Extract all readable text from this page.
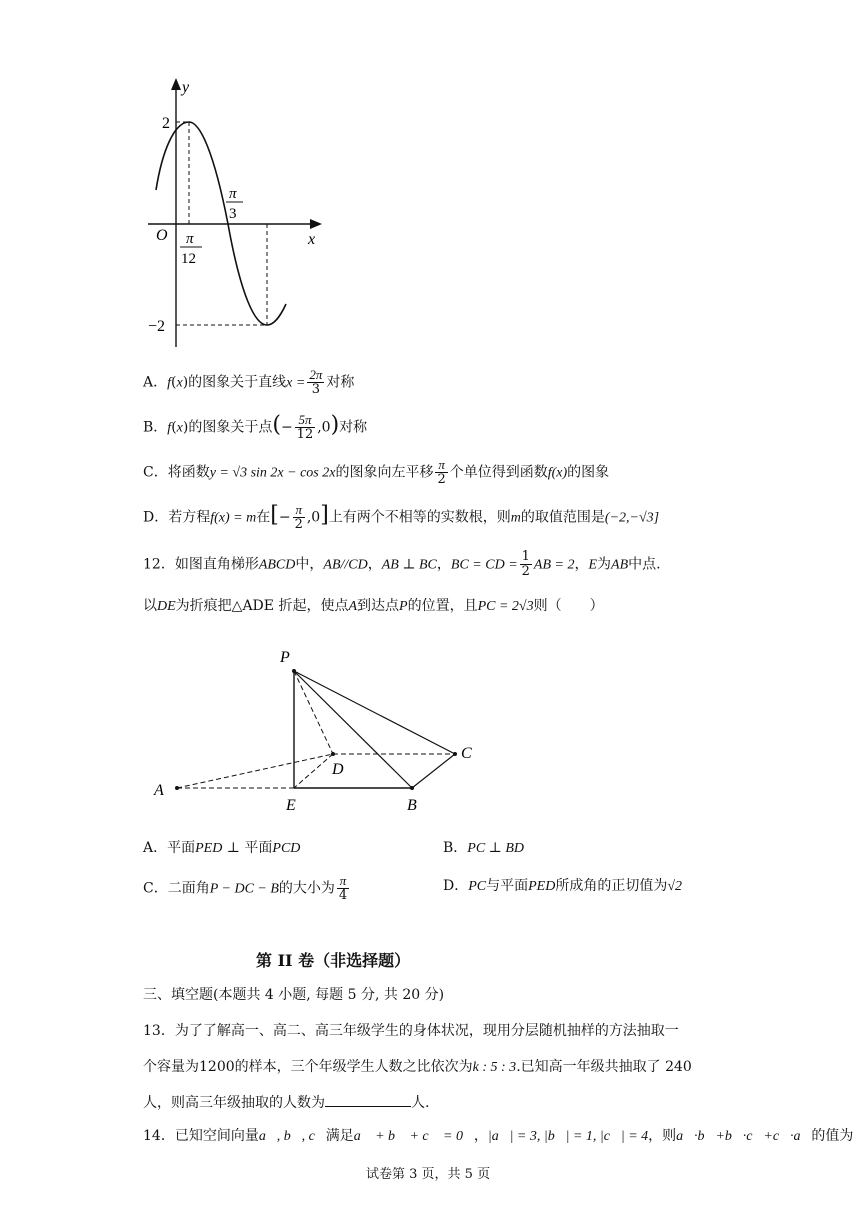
y
x
O
2
−2
π
3
π
12
A．f(x)的图象关于直线$x = \frac{2\pi}{3}$ 对称
B．f(x)的图象关于点(− $\frac{5\pi}{12} ,0$)对称
C．将函数y = √3 sin 2x − cos 2x的图象向左平移 $\frac{\pi}{2}$ 个单位得到函数f(x)的图象
D．若方程f(x) = m在[− $\frac{\pi}{2} ,0$]上有两个不相等的实数根，则m的取值范围是(−2,−√3]
12．如图直角梯形ABCD中，AB//CD，AB ⊥ BC，BC = CD = $\frac{1}{2}$ AB = 2，E为AB中点.
以DE为折痕把△ADE 折起，使点A到达点P的位置，且PC = 2√3则（　　）
P
A
D
C
E	B
A．平面PED ⊥ 平面PCD	B．PC ⊥ BD
C．二面角P − DC − B的大小为 $\frac{\pi}{4}$	D．PC与平面PED所成角的正切值为√2
第 II 卷（非选择题）
三、填空题(本题共 4 小题, 每题 5 分, 共 20 分)
13．为了了解高一、高二、高三年级学生的身体状况，现用分层随机抽样的方法抽取一
个容量为1200的样本，三个年级学生人数之比依次为k : 5 : 3.已知高一年级共抽取了 240
人，则高三年级抽取的人数为	人.
14．已知空间向量a⃗, b⃗, c⃗满足a⃗ + b⃗ + c⃗ = 0⃗，|a⃗| = 3, |b⃗| = 1, |c⃗| = 4，则a⃗·b⃗+b⃗·c⃗+c⃗·a⃗的值为
试卷第 3 页，共 5 页
